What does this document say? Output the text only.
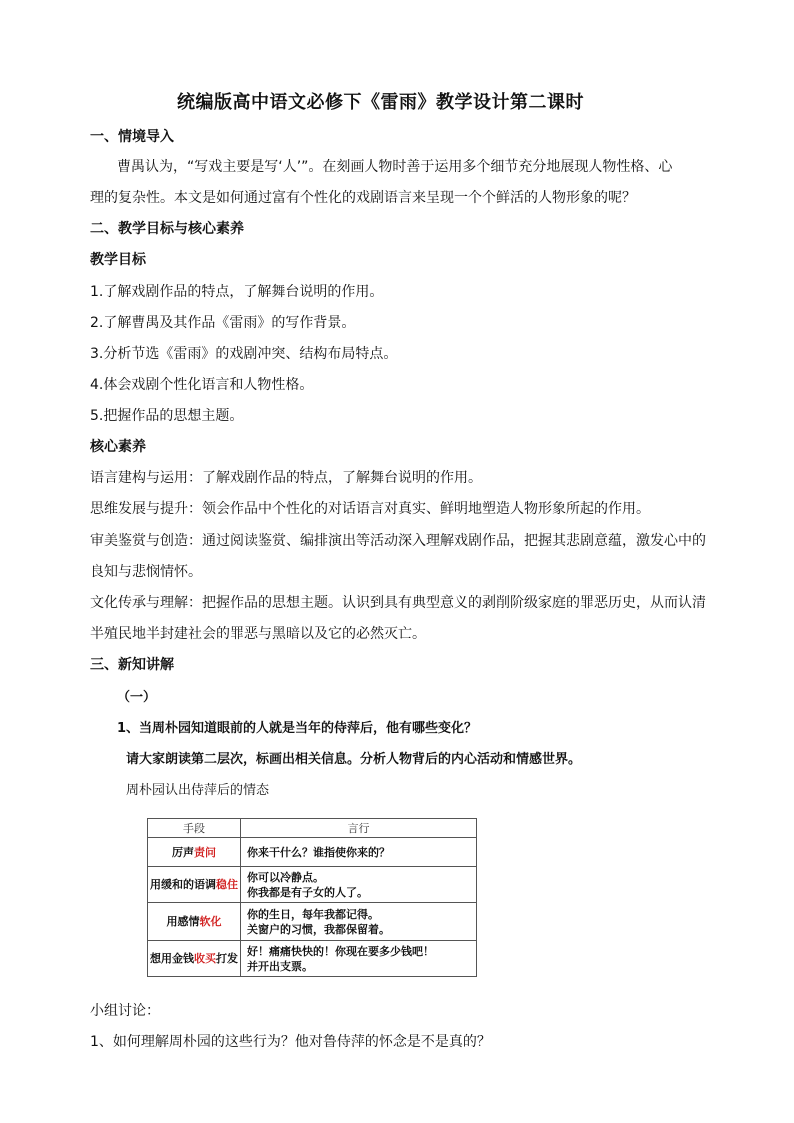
统编版高中语文必修下《雷雨》教学设计第二课时
一、情境导入
曹禺认为，“写戏主要是写‘人’”。在刻画人物时善于运用多个细节充分地展现人物性格、心
理的复杂性。本文是如何通过富有个性化的戏剧语言来呈现一个个鲜活的人物形象的呢？
二、教学目标与核心素养
教学目标
1.了解戏剧作品的特点，了解舞台说明的作用。
2.了解曹禺及其作品《雷雨》的写作背景。
3.分析节选《雷雨》的戏剧冲突、结构布局特点。
4.体会戏剧个性化语言和人物性格。
5.把握作品的思想主题。
核心素养
语言建构与运用：了解戏剧作品的特点，了解舞台说明的作用。
思维发展与提升：领会作品中个性化的对话语言对真实、鲜明地塑造人物形象所起的作用。
审美鉴赏与创造：通过阅读鉴赏、编排演出等活动深入理解戏剧作品，把握其悲剧意蕴，激发心中的
良知与悲悯情怀。
文化传承与理解：把握作品的思想主题。认识到具有典型意义的剥削阶级家庭的罪恶历史，从而认清
半殖民地半封建社会的罪恶与黑暗以及它的必然灭亡。
三、新知讲解
（一）
1、当周朴园知道眼前的人就是当年的侍萍后，他有哪些变化？
请大家朗读第二层次，标画出相关信息。分析人物背后的内心活动和情感世界。
周朴园认出侍萍后的情态
手段	言行
厉声责问	你来干什么？谁指使你来的？

用缓和的语调稳住	你可以冷静点。
你我都是有子女的人了。

用感情软化	你的生日，每年我都记得。
关窗户的习惯，我都保留着。

想用金钱收买打发	好！痛痛快快的！你现在要多少钱吧！
并开出支票。
小组讨论：
1、如何理解周朴园的这些行为？他对鲁侍萍的怀念是不是真的？
